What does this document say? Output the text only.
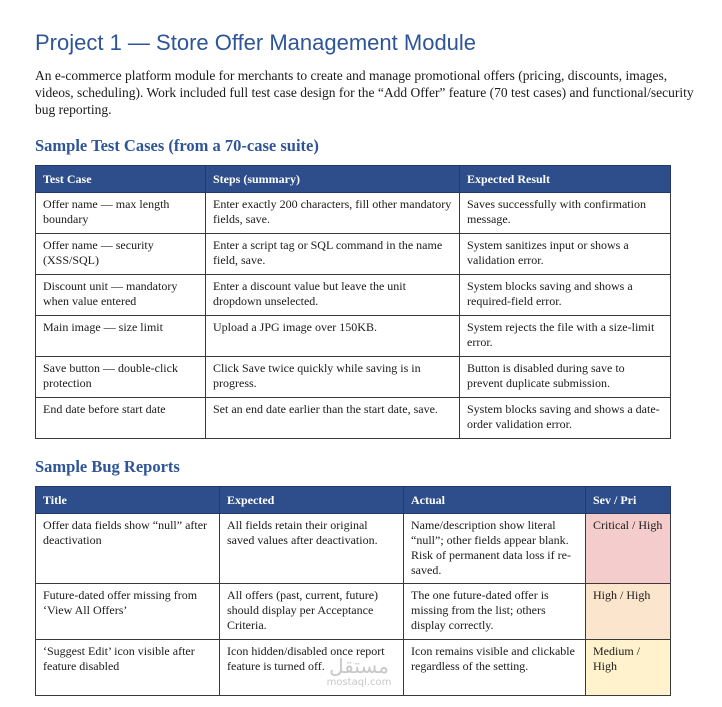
Project 1 — Store Offer Management Module
An e-commerce platform module for merchants to create and manage promotional offers (pricing, discounts, images, videos, scheduling). Work included full test case design for the “Add Offer” feature (70 test cases) and functional/security bug reporting.
Sample Test Cases (from a 70-case suite)
Test Case	Steps (summary)	Expected Result
Offer name — max length boundary	Enter exactly 200 characters, fill other mandatory fields, save.	Saves successfully with confirmation message.
Offer name — security (XSS/SQL)	Enter a script tag or SQL command in the name field, save.	System sanitizes input or shows a validation error.
Discount unit — mandatory when value entered	Enter a discount value but leave the unit dropdown unselected.	System blocks saving and shows a required-field error.
Main image — size limit	Upload a JPG image over 150KB.	System rejects the file with a size-limit error.
Save button — double-click protection	Click Save twice quickly while saving is in progress.	Button is disabled during save to prevent duplicate submission.
End date before start date	Set an end date earlier than the start date, save.	System blocks saving and shows a date-order validation error.
Sample Bug Reports
Title	Expected	Actual	Sev / Pri
Offer data fields show “null” after deactivation	All fields retain their original saved values after deactivation.	Name/description show literal “null”; other fields appear blank. Risk of permanent data loss if re-saved.	Critical / High
Future-dated offer missing from ‘View All Offers’	All offers (past, current, future) should display per Acceptance Criteria.	The one future-dated offer is missing from the list; others display correctly.	High / High
‘Suggest Edit’ icon visible after feature disabled	Icon hidden/disabled once report feature is turned off.	Icon remains visible and clickable regardless of the setting.	Medium / High
مستقل
mostaql.com
